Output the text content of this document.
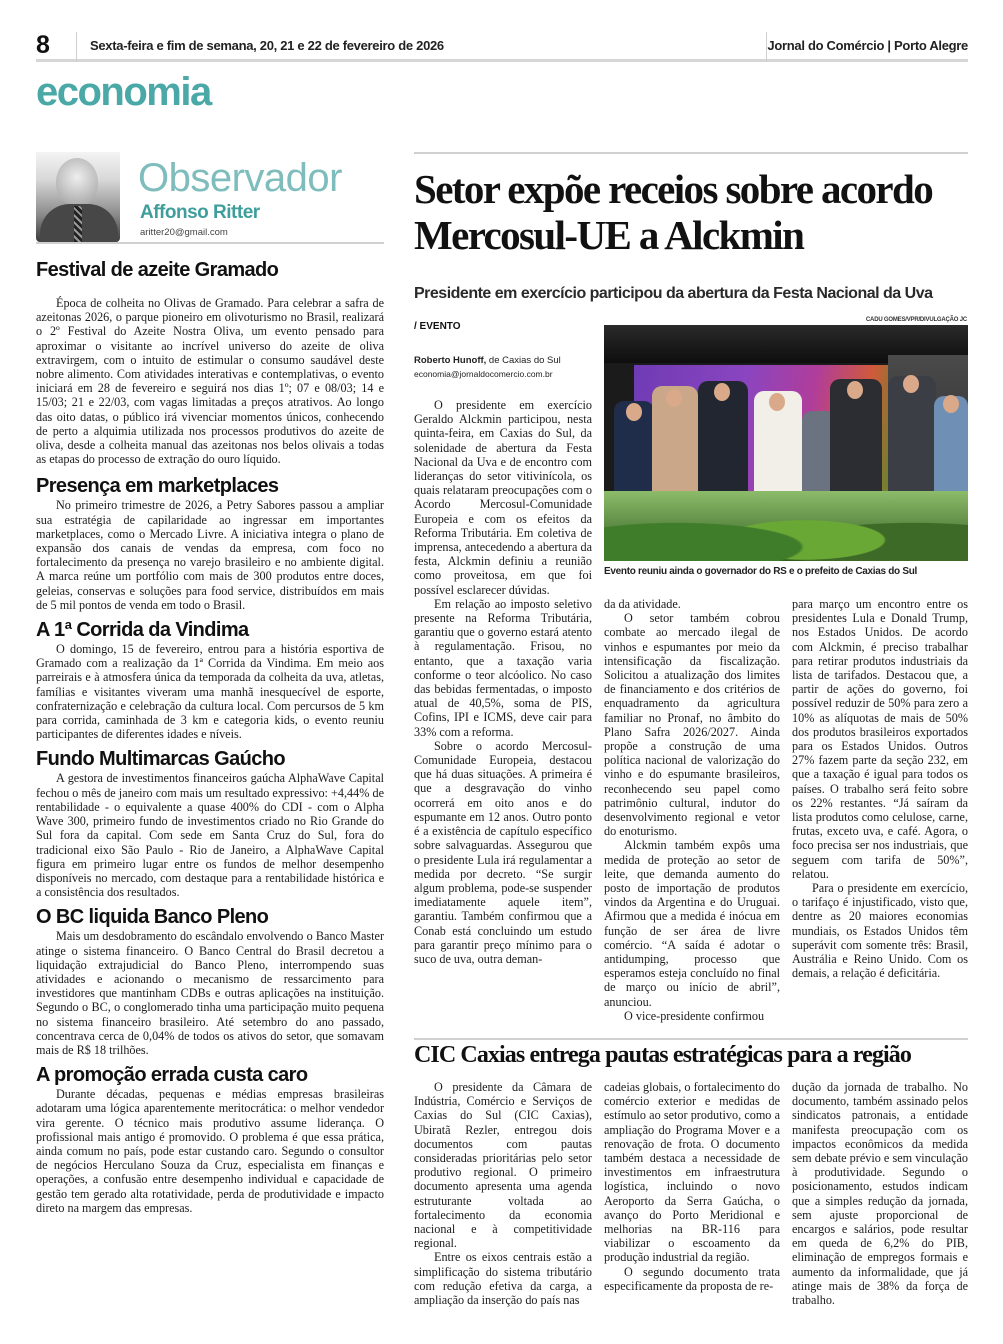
8	Sexta-feira e fim de semana, 20, 21 e 22 de fevereiro de 2026	Jornal do Comércio | Porto Alegre
economia
Observador
Affonso Ritter
aritter20@gmail.com
Festival de azeite Gramado

Época de colheita no Olivas de Gramado. Para celebrar a safra de azeitonas 2026, o parque pioneiro em olivoturismo no Brasil, realizará o 2º Festival do Azeite Nostra Oliva, um evento pensado para aproximar o visitante ao incrível universo do azeite de oliva extravirgem, com o intuito de estimular o consumo saudável deste nobre alimento. Com atividades interativas e contemplativas, o evento iniciará em 28 de fevereiro e seguirá nos dias 1º; 07 e 08/03; 14 e 15/03; 21 e 22/03, com vagas limitadas a preços atrativos. Ao longo das oito datas, o público irá vivenciar momentos únicos, conhecendo de perto a alquimia utilizada nos processos produtivos do azeite de oliva, desde a colheita manual das azeitonas nos belos olivais a todas as etapas do processo de extração do ouro líquido.

Presença em marketplaces

No primeiro trimestre de 2026, a Petry Sabores passou a ampliar sua estratégia de capilaridade ao ingressar em importantes marketplaces, como o Mercado Livre. A iniciativa integra o plano de expansão dos canais de vendas da empresa, com foco no fortalecimento da presença no varejo brasileiro e no ambiente digital. A marca reúne um portfólio com mais de 300 produtos entre doces, geleias, conservas e soluções para food service, distribuídos em mais de 5 mil pontos de venda em todo o Brasil.

A 1ª Corrida da Vindima

O domingo, 15 de fevereiro, entrou para a história esportiva de Gramado com a realização da 1ª Corrida da Vindima. Em meio aos parreirais e à atmosfera única da temporada da colheita da uva, atletas, famílias e visitantes viveram uma manhã inesquecível de esporte, confraternização e celebração da cultura local. Com percursos de 5 km para corrida, caminhada de 3 km e categoria kids, o evento reuniu participantes de diferentes idades e níveis.

Fundo Multimarcas Gaúcho

A gestora de investimentos financeiros gaúcha AlphaWave Capital fechou o mês de janeiro com mais um resultado expressivo: +4,44% de rentabilidade - o equivalente a quase 400% do CDI - com o Alpha Wave 300, primeiro fundo de investimentos criado no Rio Grande do Sul fora da capital. Com sede em Santa Cruz do Sul, fora do tradicional eixo São Paulo - Rio de Janeiro, a AlphaWave Capital figura em primeiro lugar entre os fundos de melhor desempenho disponíveis no mercado, com destaque para a rentabilidade histórica e a consistência dos resultados.

O BC liquida Banco Pleno

Mais um desdobramento do escândalo envolvendo o Banco Master atinge o sistema financeiro. O Banco Central do Brasil decretou a liquidação extrajudicial do Banco Pleno, interrompendo suas atividades e acionando o mecanismo de ressarcimento para investidores que mantinham CDBs e outras aplicações na instituição. Segundo o BC, o conglomerado tinha uma participação muito pequena no sistema financeiro brasileiro. Até setembro do ano passado, concentrava cerca de 0,04% de todos os ativos do setor, que somavam mais de R$ 18 trilhões.

A promoção errada custa caro

Durante décadas, pequenas e médias empresas brasileiras adotaram uma lógica aparentemente meritocrática: o melhor vendedor vira gerente. O técnico mais produtivo assume liderança. O profissional mais antigo é promovido. O problema é que essa prática, ainda comum no país, pode estar custando caro. Segundo o consultor de negócios Herculano Souza da Cruz, especialista em finanças e operações, a confusão entre desempenho individual e capacidade de gestão tem gerado alta rotatividade, perda de produtividade e impacto direto na margem das empresas.

Setor expõe receios sobre acordo Mercosul-UE a Alckmin
Presidente em exercício participou da abertura da Festa Nacional da Uva
/ EVENTO
Roberto Hunoff, de Caxias do Sul
economia@jornaldocomercio.com.br
CADU GOMES/VPR/DIVULGAÇÃO JC
Evento reuniu ainda o governador do RS e o prefeito de Caxias do Sul

O presidente em exercício Geraldo Alckmin participou, nesta quinta-feira, em Caxias do Sul, da solenidade de abertura da Festa Nacional da Uva e de encontro com lideranças do setor vitivinícola, os quais relataram preocupações com o Acordo Mercosul-Comunidade Europeia e com os efeitos da Reforma Tributária. Em coletiva de imprensa, antecedendo a abertura da festa, Alckmin definiu a reunião como proveitosa, em que foi possível esclarecer dúvidas.

Em relação ao imposto seletivo presente na Reforma Tributária, garantiu que o governo estará atento à regulamentação. Frisou, no entanto, que a taxação varia conforme o teor alcóolico. No caso das bebidas fermentadas, o imposto atual de 40,5%, soma de PIS, Cofins, IPI e ICMS, deve cair para 33% com a reforma.

Sobre o acordo Mercosul-Comunidade Europeia, destacou que há duas situações. A primeira é que a desgravação do vinho ocorrerá em oito anos e do espumante em 12 anos. Outro ponto é a existência de capítulo específico sobre salvaguardas. Assegurou que o presidente Lula irá regulamentar a medida por decreto. “Se surgir algum problema, pode-se suspender imediatamente aquele item”, garantiu. Também confirmou que a Conab está concluindo um estudo para garantir preço mínimo para o suco de uva, outra deman-

da da atividade.

O setor também cobrou combate ao mercado ilegal de vinhos e espumantes por meio da intensificação da fiscalização. Solicitou a atualização dos limites de financiamento e dos critérios de enquadramento da agricultura familiar no Pronaf, no âmbito do Plano Safra 2026/2027. Ainda propõe a construção de uma política nacional de valorização do vinho e do espumante brasileiros, reconhecendo seu papel como patrimônio cultural, indutor do desenvolvimento regional e vetor do enoturismo.

Alckmin também expôs uma medida de proteção ao setor de leite, que demanda aumento do posto de importação de produtos vindos da Argentina e do Uruguai. Afirmou que a medida é inócua em função de ser área de livre comércio. “A saída é adotar o antidumping, processo que esperamos esteja concluído no final de março ou início de abril”, anunciou.

O vice-presidente confirmou

para março um encontro entre os presidentes Lula e Donald Trump, nos Estados Unidos. De acordo com Alckmin, é preciso trabalhar para retirar produtos industriais da lista de tarifados. Destacou que, a partir de ações do governo, foi possível reduzir de 50% para zero a 10% as alíquotas de mais de 50% dos produtos brasileiros exportados para os Estados Unidos. Outros 27% fazem parte da seção 232, em que a taxação é igual para todos os países. O trabalho será feito sobre os 22% restantes. “Já saíram da lista produtos como celulose, carne, frutas, exceto uva, e café. Agora, o foco precisa ser nos industriais, que seguem com tarifa de 50%”, relatou.

Para o presidente em exercício, o tarifaço é injustificado, visto que, dentre as 20 maiores economias mundiais, os Estados Unidos têm superávit com somente três: Brasil, Austrália e Reino Unido. Com os demais, a relação é deficitária.

CIC Caxias entrega pautas estratégicas para a região

O presidente da Câmara de Indústria, Comércio e Serviços de Caxias do Sul (CIC Caxias), Ubiratã Rezler, entregou dois documentos com pautas consideradas prioritárias pelo setor produtivo regional. O primeiro documento apresenta uma agenda estruturante voltada ao fortalecimento da economia nacional e à competitividade regional.

Entre os eixos centrais estão a simplificação do sistema tributário com redução efetiva da carga, a ampliação da inserção do país nas

cadeias globais, o fortalecimento do comércio exterior e medidas de estímulo ao setor produtivo, como a ampliação do Programa Mover e a renovação de frota. O documento também destaca a necessidade de investimentos em infraestrutura logística, incluindo o novo Aeroporto da Serra Gaúcha, o avanço do Porto Meridional e melhorias na BR-116 para viabilizar o escoamento da produção industrial da região.

O segundo documento trata especificamente da proposta de re-

dução da jornada de trabalho. No documento, também assinado pelos sindicatos patronais, a entidade manifesta preocupação com os impactos econômicos da medida sem debate prévio e sem vinculação à produtividade. Segundo o posicionamento, estudos indicam que a simples redução da jornada, sem ajuste proporcional de encargos e salários, pode resultar em queda de 6,2% do PIB, eliminação de empregos formais e aumento da informalidade, que já atinge mais de 38% da força de trabalho.
